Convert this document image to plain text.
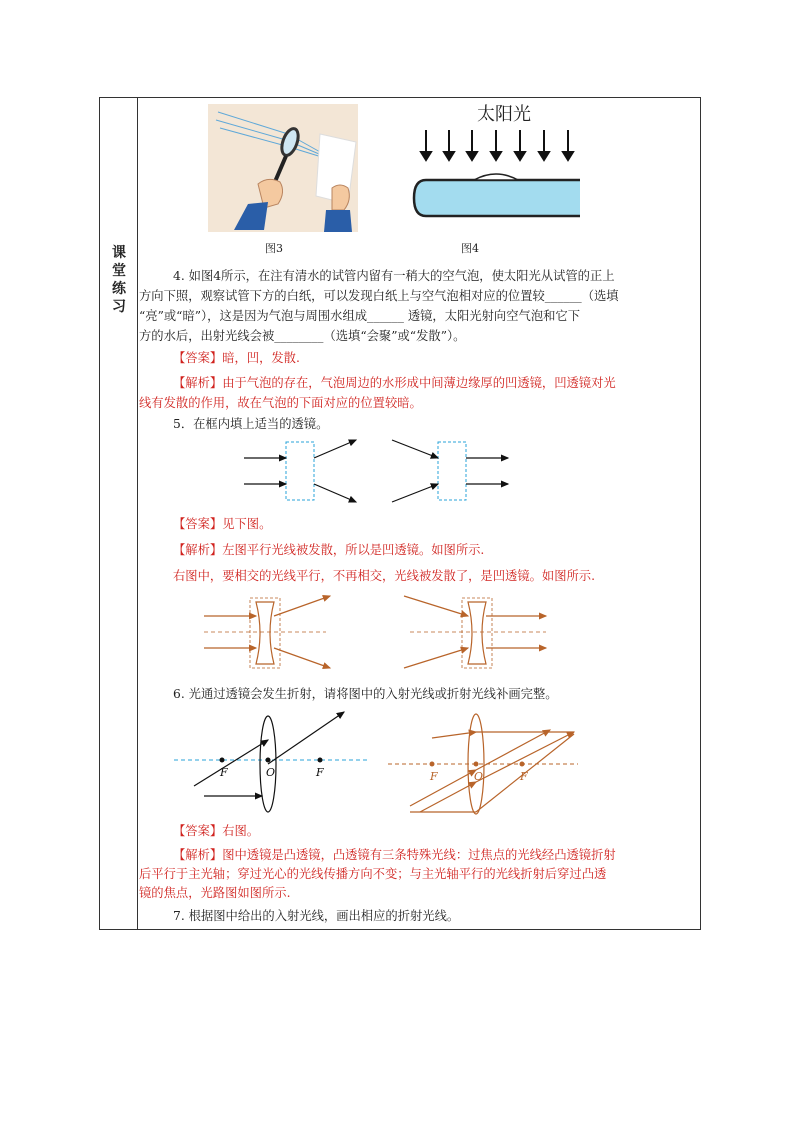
课堂练习
图3
太阳光
图4

4. 如图4所示，在注有清水的试管内留有一稍大的空气泡，使太阳光从试管的正上

方向下照，观察试管下方的白纸，可以发现白纸上与空气泡相对应的位置较______（选填

“亮”或“暗”），这是因为气泡与周围水组成______ 透镜，太阳光射向空气泡和它下

方的水后，出射光线会被________（选填“会聚”或“发散”）。

【答案】暗，凹，发散.

【解析】由于气泡的存在，气泡周边的水形成中间薄边缘厚的凹透镜，凹透镜对光

线有发散的作用，故在气泡的下面对应的位置较暗。

5．在框内填上适当的透镜。

【答案】见下图。

【解析】左图平行光线被发散，所以是凹透镜。如图所示.

右图中，要相交的光线平行，不再相交，光线被发散了，是凹透镜。如图所示.

6. 光通过透镜会发生折射，请将图中的入射光线或折射光线补画完整。

F	O	F	F	O	F

【答案】右图。

【解析】图中透镜是凸透镜，凸透镜有三条特殊光线：过焦点的光线经凸透镜折射

后平行于主光轴；穿过光心的光线传播方向不变；与主光轴平行的光线折射后穿过凸透

镜的焦点，光路图如图所示.

7. 根据图中给出的入射光线，画出相应的折射光线。
